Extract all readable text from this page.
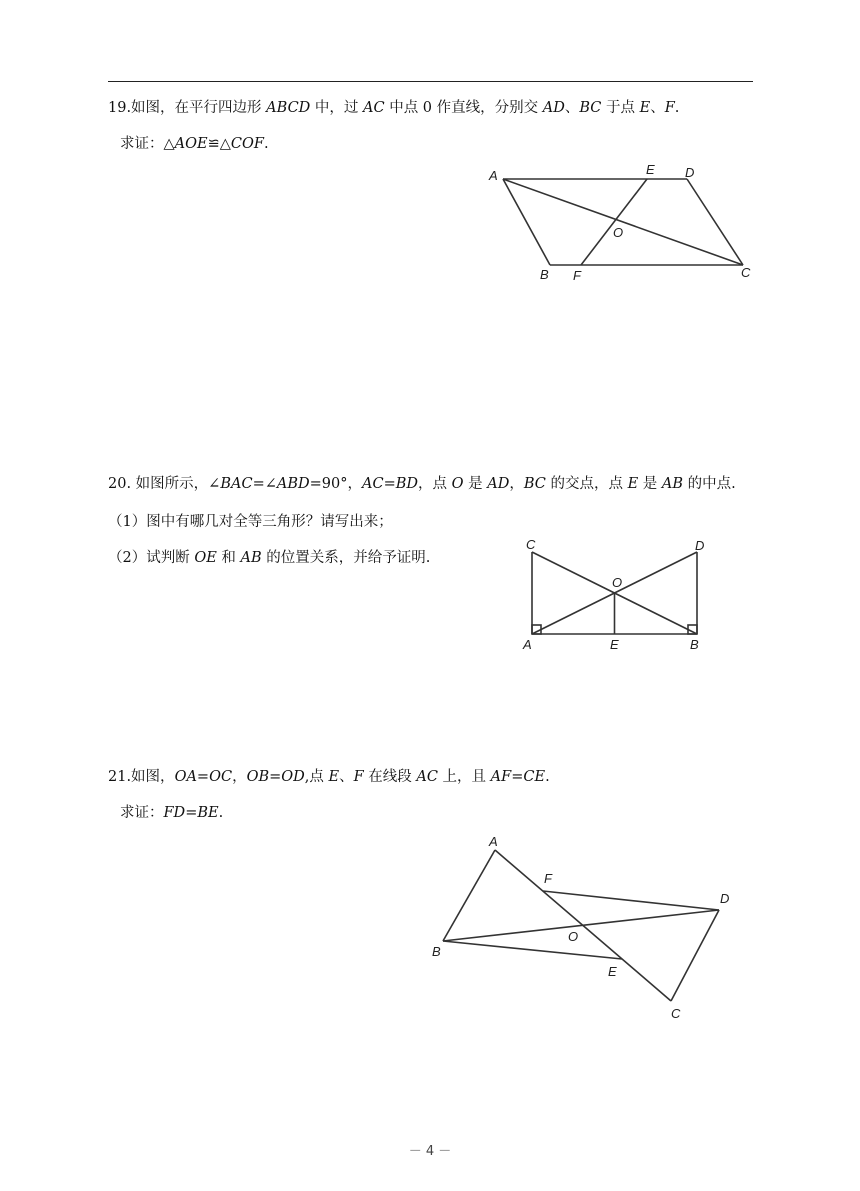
19.如图，在平行四边形 ABCD 中，过 AC 中点 0 作直线，分别交 AD、BC 于点 E、F.
求证：△AOE≌△COF.
A
B	C
D
E
F
O
20. 如图所示，∠BAC=∠ABD=90°，AC=BD，点 O 是 AD，BC 的交点，点 E 是 AB 的中点.
（1）图中有哪几对全等三角形？请写出来；
（2）试判断 OE 和 AB 的位置关系，并给予证明.
C	D
A	B
E
O
21.如图，OA=OC，OB=OD,点 E、F 在线段 AC 上，且 AF=CE.
求证：FD=BE.
A
B
C
D
E
F
O
－ 4 －
